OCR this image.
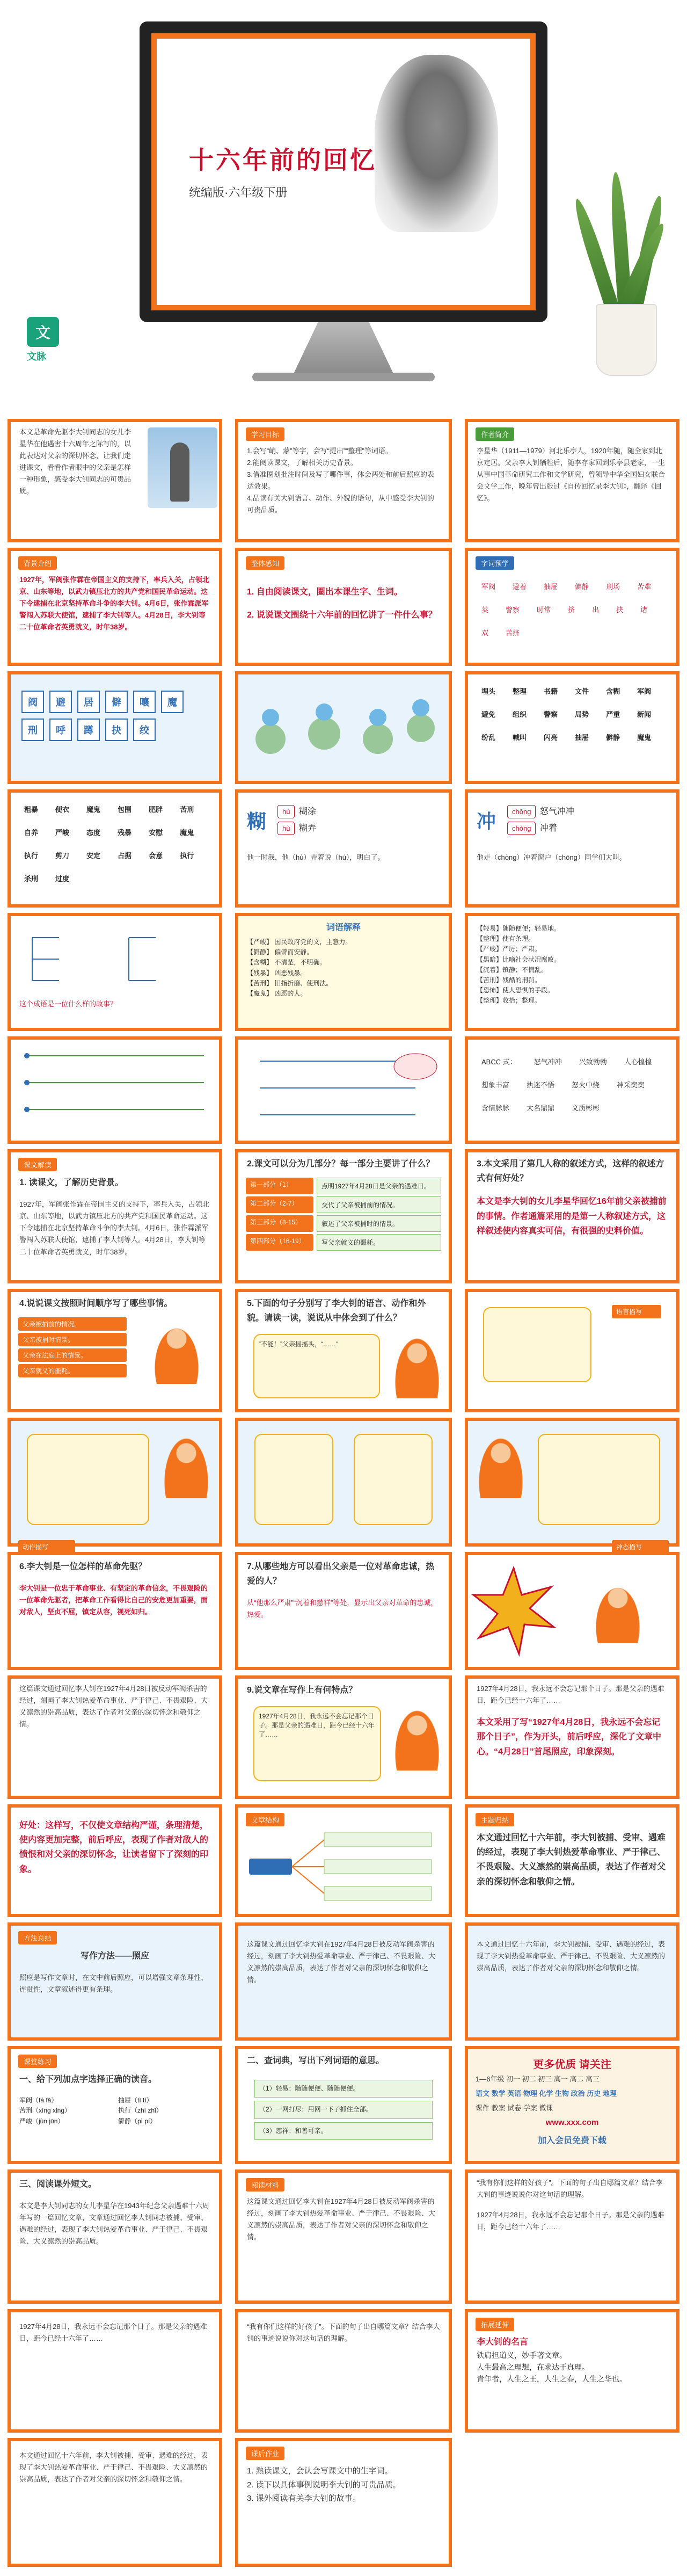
十六年前的回忆
统编版·六年级下册
文
文脉
本文是革命先驱李大钊同志的女儿李星华在他遇害十六周年之际写的，以此表达对父亲的深切怀念，让我们走进课文，看看作者眼中的父亲是怎样一种形象，感受李大钊同志的可贵品质。
学习目标
1.会写“峭、蒙”等字，会写“提出”“整理”等词语。
2.能阅读课文，了解相关历史背景。
3.借准圈划批注时间及写了哪件事，体会两处和前后照应的表达效果。
4.品读有关大钊语言、动作、外貌的语句，从中感受李大钊的可贵品质。
作者简介
李星华（1911—1979）河北乐亭人，1920年随，随全家到北京定居。父亲李大钊牺牲后，随李存家回到乐亭县老家，一生从事中国革命研究工作和文学研究，曾领导中华全国妇女联合会文学工作，晚年曾出版过《自传回忆录李大钊》，翻译《回忆》。
背景介绍
1927年，军阀张作霖在帝国主义的支持下，率兵入关，占领北京、山东等地，以武力镇压北方的共产党和国民革命运动。这下令逮捕在北京坚持革命斗争的李大钊。4月6日，张作霖派军警闯入苏联大使馆，逮捕了李大钊等人。4月28日，李大钊等二十位革命者英勇就义，时年38岁。
整体感知
1. 自由阅读课文，圈出本课生字、生词。
2. 说说课文围绕十六年前的回忆讲了一件什么事？
字词预学
军阀	避着	抽屉	僻静	刑场	苦难
荚	警察	时常	挤	出	抉	诸
双	苦挤
阀	避	居	僻	嚷	魔
刑	呼	蹲	抉	绞
埋头	整理	书籍	文件	含糊	军阀
避免	组织	警察	局势	严重	新闻
纷乱	喊叫	闪亮	抽屉	僻静	魔鬼
粗暴	便衣	魔鬼	包围	肥胖	苦刑
自养	严峻	态度	残暴	安慰	魔鬼
执行	剪刀	安定	占据	会意	执行
杀刑	过度
糊	hú 糊涂
hù 糊弄
他一时我，他（hù）弄着说（hú），明白了。
冲	chōng 怒气冲冲
chòng 冲着
他走（chòng）冲着窗户（chōng）同学们大叫。
这个成语是一位什么样的故事？
词语解释
【严峻】 国民政府党的文，主意力。
【僻静】 偏僻而安静。
【含糊】 不清楚，不明确。
【残暴】 凶恶残暴。
【苦刑】 旧指折磨、使刑法。
【魔鬼】 凶恶的人。
【轻易】随随便便；轻易地。
【整理】使有条理。
【严峻】严厉；严肃。
【黑暗】比喻社会状况腐败。
【沉着】镇静；不慌乱。
【苦刑】残酷的刑罚。
【恐怖】使人恐惧的手段。
【整理】收拾；整理。
ABCC 式：	怒气冲冲	兴致勃勃	人心惶惶
想象丰富	执迷不悟	怒火中烧	神采奕奕
含情脉脉	大名鼎鼎	文质彬彬
课文解读
1. 读课文，了解历史背景。
1927年，军阀张作霖在帝国主义的支持下，率兵入关，占领北京、山东等地，以武力镇压北方的共产党和国民革命运动。这下令逮捕在北京坚持革命斗争的李大钊。4月6日，张作霖派军警闯入苏联大使馆，逮捕了李大钊等人。4月28日，李大钊等二十位革命者英勇就义，时年38岁。
2.课文可以分为几部分？每一部分主要讲了什么？
第一部分（1）	点明1927年4月28日是父亲的遇难日。
第二部分（2-7）	交代了父亲被捕前的情况。
第三部分（8-15）	叙述了父亲被捕时的情景。
第四部分（16-19）	写父亲就义的噩耗。
3.本文采用了第几人称的叙述方式，这样的叙述方式有何好处？
本文是李大钊的女儿李星华回忆16年前父亲被捕前的事情。作者通篇采用的是第一人称叙述方式，这样叙述使内容真实可信，有很强的史料价值。
4.说说课文按照时间顺序写了哪些事情。
父亲被捕前的情况。
父亲被捕时情景。
父亲在法庭上的情景。
父亲就义的噩耗。
5.下面的句子分别写了李大钊的语言、动作和外貌。请读一读，说说从中体会到了什么？
“不能！”父亲摇摇头，“……”
语言描写
动作描写	神态描写
6.李大钊是一位怎样的革命先驱？
李大钊是一位忠于革命事业、有坚定的革命信念，不畏艰险的一位革命先驱者，把革命工作看得比自己的安危更加重要，面对敌人，坚贞不屈，镇定从容，视死如归。
7.从哪些地方可以看出父亲是一位对革命忠诚，热爱的人？
从“他那么严肃”“沉着和慈祥”等处，显示出父亲对革命的忠诚，热爱。
这篇课文通过回忆李大钊在1927年4月28日被反动军阀杀害的经过，刻画了李大钊热爱革命事业、严于律己、不畏艰险、大义凛然的崇高品质，表达了作者对父亲的深切怀念和敬仰之情。
9.说文章在写作上有何特点？
1927年4月28日，我永远不会忘记那个日子。那是父亲的遇难日，距今已经十六年了……
1927年4月28日，我永远不会忘记那个日子。那是父亲的遇难日，距今已经十六年了……
本文采用了写“1927年4月28日，我永远不会忘记那个日子”，作为开头，前后呼应，深化了文章中心。“4月28日”首尾照应，印象深刻。
好处：这样写，不仅使文章结构严谨，条理清楚，使内容更加完整，前后呼应，表现了作者对敌人的愤恨和对父亲的深切怀念，让读者留下了深刻的印象。
文章结构	主题归纳
本文通过回忆十六年前，李大钊被捕、受审、遇难的经过，表现了李大钊热爱革命事业、严于律己、不畏艰险、大义凛然的崇高品质，表达了作者对父亲的深切怀念和敬仰之情。
方法总结
写作方法——照应
照应是写作文章时，在文中前后照应，可以增强文章条理性、连贯性，文章叙述得更有条理。
这篇课文通过回忆李大钊在1927年4月28日被反动军阀杀害的经过，刻画了李大钊热爱革命事业、严于律己、不畏艰险、大义凛然的崇高品质，表达了作者对父亲的深切怀念和敬仰之情。
本文通过回忆十六年前，李大钊被捕、受审、遇难的经过，表现了李大钊热爱革命事业、严于律己、不畏艰险、大义凛然的崇高品质，表达了作者对父亲的深切怀念和敬仰之情。
课堂练习
一、给下列加点字选择正确的读音。
军阀（fá fā）
苦刑（xíng xǐng）
严峻（jùn jūn）
抽屉（tì tí）
执行（zhí zhǐ）
僻静（pì pí）
二、查词典，写出下列词语的意思。
（1）轻易：随随便便、随随便便。
（2）一网打尽：用网一下子抓住全部。
（3）慈祥：和善可亲。
更多优质 请关注
1—6年级 初一 初二 初三 高一 高二 高三
语文 数学 英语 物理 化学 生物 政治 历史 地理
课件 教案 试卷 学案 微课
www.xxx.com
加入会员免费下载
三、阅读课外短文。
本文是李大钊同志的女儿李星华在1943年纪念父亲遇难十六周年写的一篇回忆文章，文章通过回忆李大钊同志被捕、受审、遇难的经过，表现了李大钊热爱革命事业、严于律己、不畏艰险、大义凛然的崇高品质。
阅读材料
这篇课文通过回忆李大钊在1927年4月28日被反动军阀杀害的经过，刻画了李大钊热爱革命事业、严于律己、不畏艰险、大义凛然的崇高品质，表达了作者对父亲的深切怀念和敬仰之情。
“我有你们这样的好孩子”。下面的句子出自哪篇文章？结合李大钊的事迹说说你对这句话的理解。
1927年4月28日，我永远不会忘记那个日子。那是父亲的遇难日，距今已经十六年了……
1927年4月28日，我永远不会忘记那个日子。那是父亲的遇难日，距今已经十六年了……
“我有你们这样的好孩子”。下面的句子出自哪篇文章？结合李大钊的事迹说说你对这句话的理解。
拓展延伸
李大钊的名言
铁肩担道义，妙手著文章。
人生最高之理想，在求达于真理。
青年者，人生之王，人生之春，人生之华也。
本文通过回忆十六年前，李大钊被捕、受审、遇难的经过，表现了李大钊热爱革命事业、严于律己、不畏艰险、大义凛然的崇高品质，表达了作者对父亲的深切怀念和敬仰之情。
课后作业
1. 熟读课文，会认会写课文中的生字词。
2. 读下以具体事例说明李大钊的可贵品质。
3. 课外阅读有关李大钊的故事。
